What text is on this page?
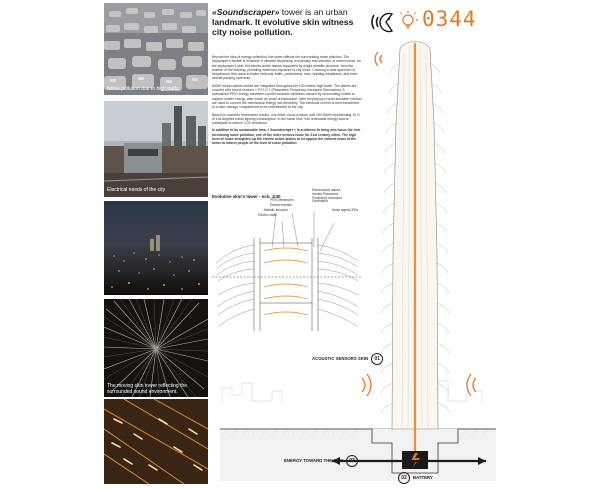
Noise pollution due to high traffic
Electrical needs of the city
The moving skin tower reflecting the surrounded sound environment.
«Soundscraper» tower is an urban
landmark. It evolutive skin witness
city noise pollution.
0344

Beyond the idea of energy collection, the tower reflects the surrounding noise pollution. The skyscraper's facade is evolutive: it vibrates depending on intensity and direction of urban noises. As the skyscraper's skin, the electro-active lashes supported by a light metallic structure, form the exterior of the building, providing maximum exposure to city noise. Covering a wide spectrum of frequencies, this noise includes vehicular traffic, pedestrians, train, building inhabitants, and even aircraft passing overhead.

84000 electro-active lashes are integrated throughout the 100 meters high tower. The lashes are covered with sound sensors « P.F.I.G » (Parametric Frequency Increased Generators). A specialized PFIG energy harvester convert acoustic vibrations caused by surrounding noises to capture kinetic energy, after which an array of transducer 'cells' employing a novel actuation method are used to convert the mechanical energy into electricity. The electrical current is then transferred to a main storage compartment to be redistributed to the city.

Based on scientific researches results, one tower could produce until 150 MW/h representing 10 % of Los Angeles urban lighting consumption. In the same time, this renewable energy source participate to reduce CO2 emissions.

In addition to its sustainable idea, « Soundscraper » is a witness to bring into focus the ever increasing noise pollution, one of the more serious issue for 21st century cities. The high level of noise straighten up the electro active lashes to let appear the colored mass of the tower to inform people of the level of noise pollution.

Evolutive skin's tower - ech. 1/40
PFIG Membrane
Electric transfer
Metallic structure
Electric cable
Electroactive lashes
include Parametric
Frequency Increased
Generators
Noise signal LEDs
ACOUSTIC SENSORS SKIN 01
ENERGY TOWARD THE CITY 03
02 BATTERY
